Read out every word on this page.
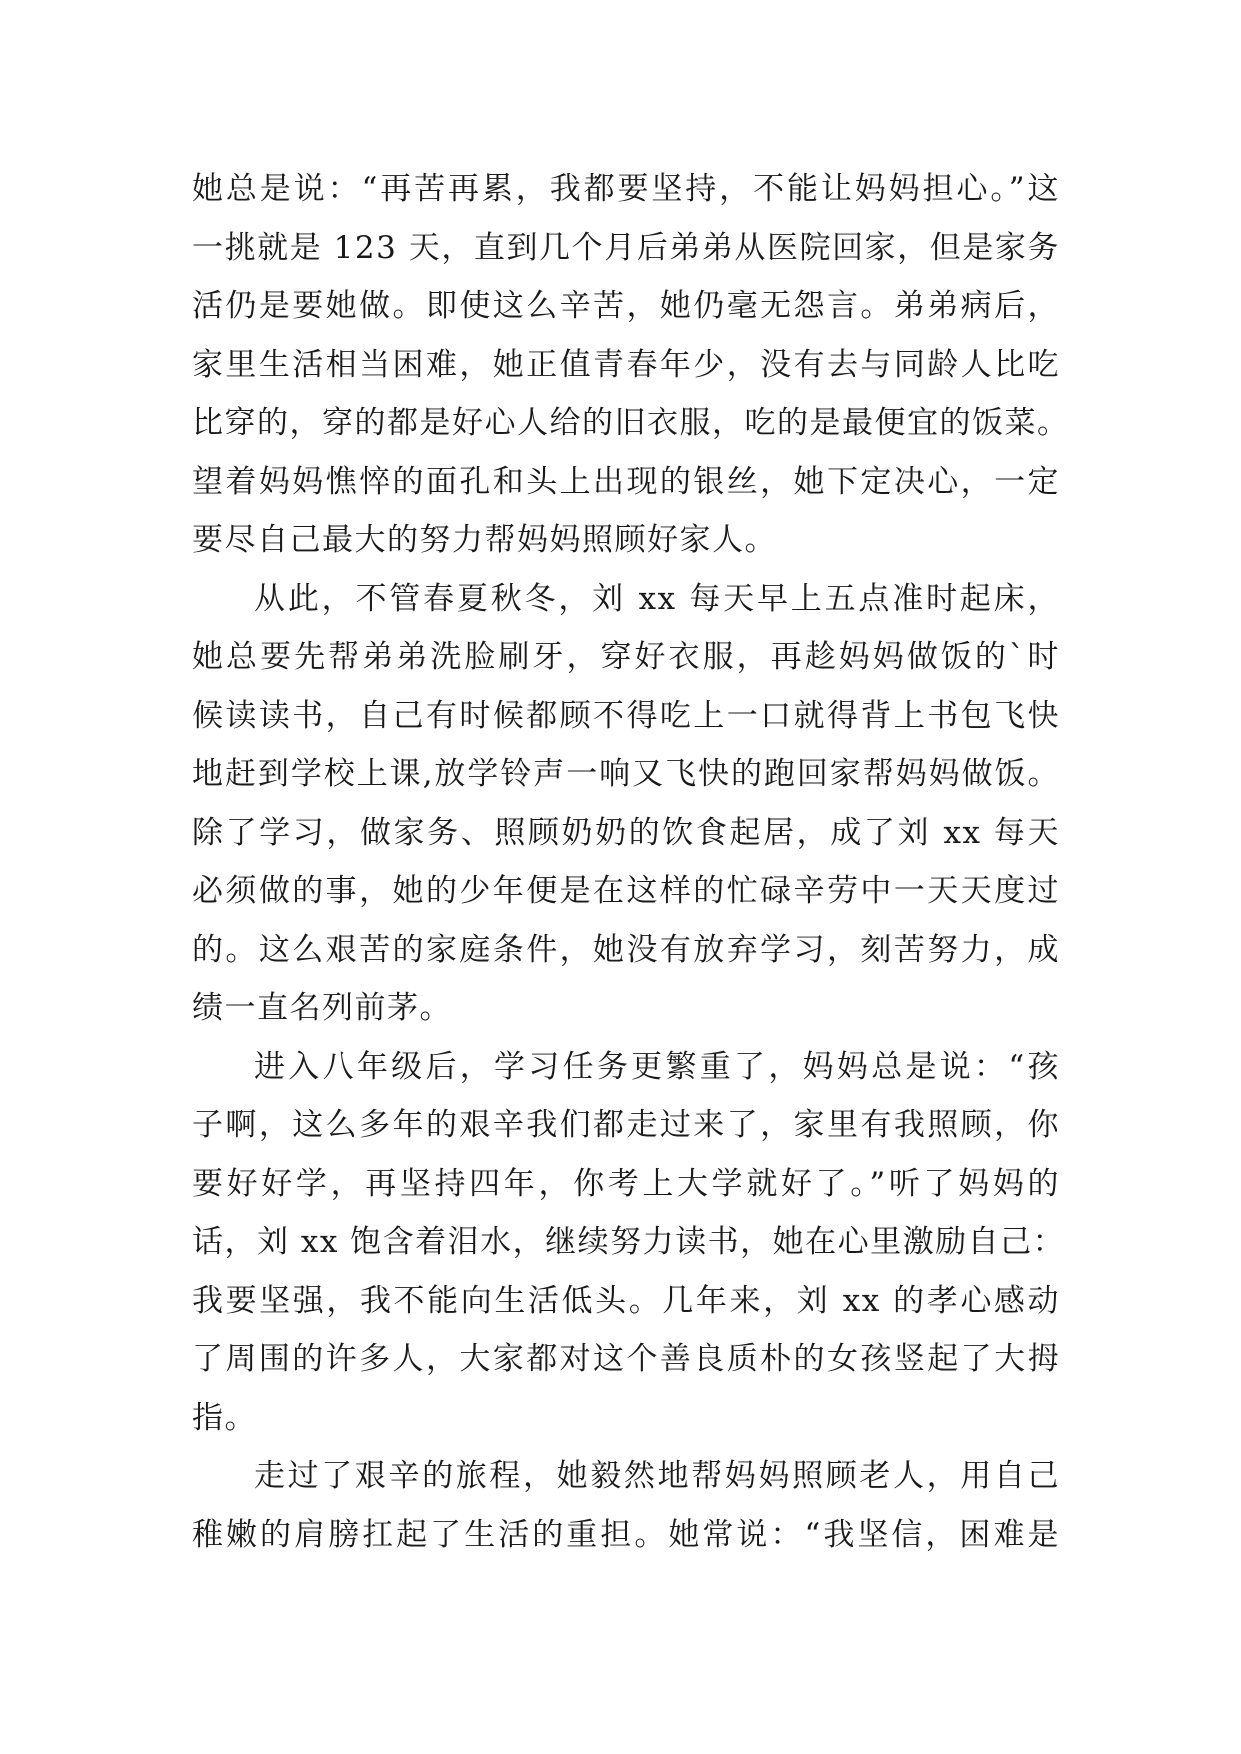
她总是说：“再苦再累，我都要坚持，不能让妈妈担心。”这
一挑就是 123 天，直到几个月后弟弟从医院回家，但是家务
活仍是要她做。即使这么辛苦，她仍毫无怨言。弟弟病后，
家里生活相当困难，她正值青春年少，没有去与同龄人比吃
比穿的，穿的都是好心人给的旧衣服，吃的是最便宜的饭菜。
望着妈妈憔悴的面孔和头上出现的银丝，她下定决心，一定
要尽自己最大的努力帮妈妈照顾好家人。

从此，不管春夏秋冬，刘 xx 每天早上五点准时起床，
她总要先帮弟弟洗脸刷牙，穿好衣服，再趁妈妈做饭的`时
候读读书，自己有时候都顾不得吃上一口就得背上书包飞快
地赶到学校上课,放学铃声一响又飞快的跑回家帮妈妈做饭。
除了学习，做家务、照顾奶奶的饮食起居，成了刘 xx 每天
必须做的事，她的少年便是在这样的忙碌辛劳中一天天度过
的。这么艰苦的家庭条件，她没有放弃学习，刻苦努力，成
绩一直名列前茅。

进入八年级后，学习任务更繁重了，妈妈总是说：“孩
子啊，这么多年的艰辛我们都走过来了，家里有我照顾，你
要好好学，再坚持四年，你考上大学就好了。”听了妈妈的
话，刘 xx 饱含着泪水，继续努力读书，她在心里激励自己：
我要坚强，我不能向生活低头。几年来，刘 xx 的孝心感动
了周围的许多人，大家都对这个善良质朴的女孩竖起了大拇
指。

走过了艰辛的旅程，她毅然地帮妈妈照顾老人，用自己
稚嫩的肩膀扛起了生活的重担。她常说：“我坚信，困难是
